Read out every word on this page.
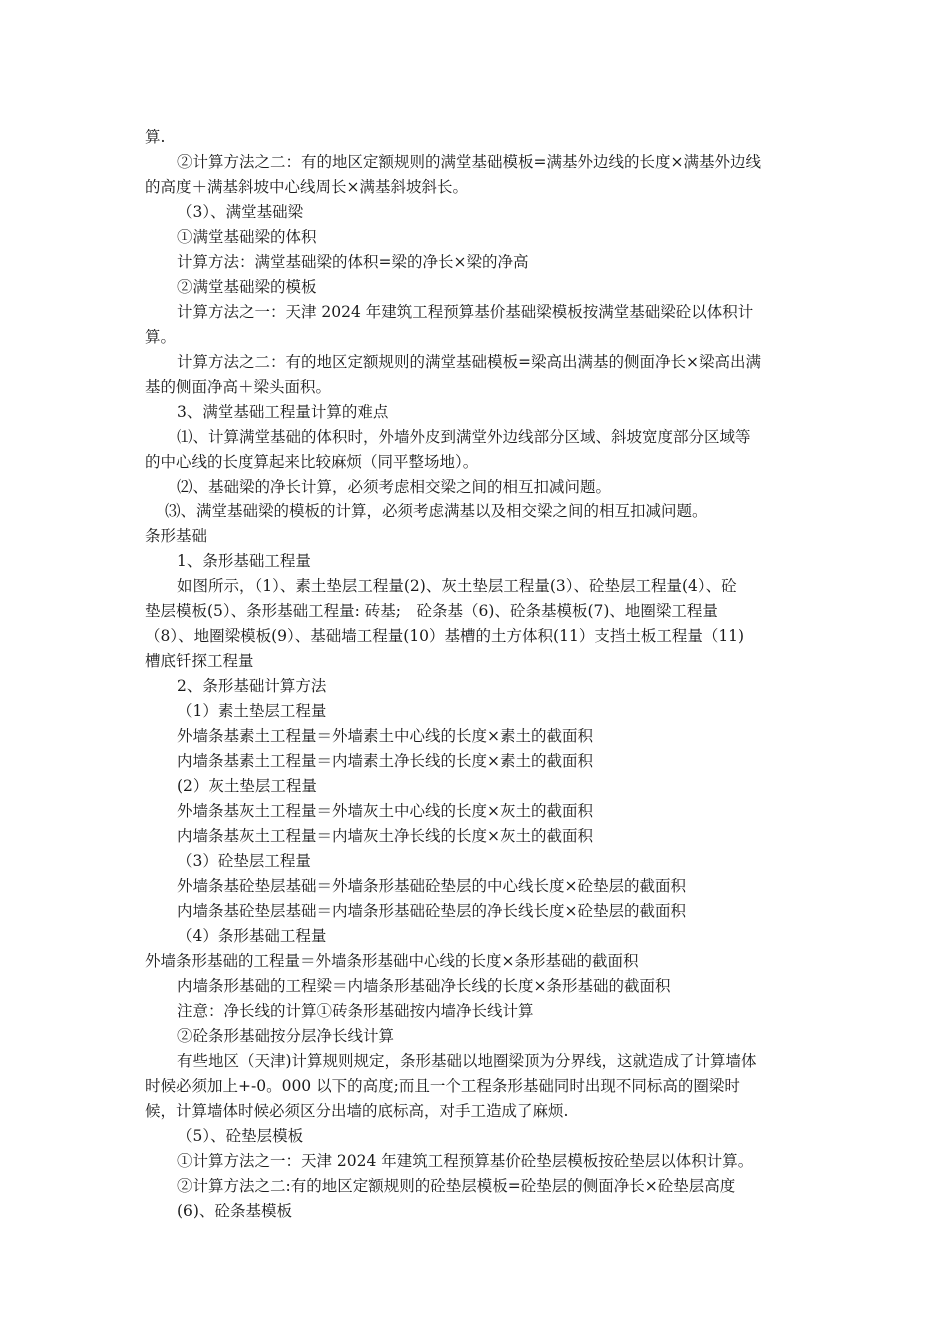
算.
②计算方法之二：有的地区定额规则的满堂基础模板=满基外边线的长度×满基外边线
的高度＋满基斜坡中心线周长×满基斜坡斜长。
（3）、满堂基础梁
①满堂基础梁的体积
计算方法：满堂基础梁的体积=梁的净长×梁的净高
②满堂基础梁的模板
计算方法之一：天津 2024 年建筑工程预算基价基础梁模板按满堂基础梁砼以体积计
算。
计算方法之二：有的地区定额规则的满堂基础模板=梁高出满基的侧面净长×梁高出满
基的侧面净高＋梁头面积。
3、满堂基础工程量计算的难点
⑴、计算满堂基础的体积时，外墙外皮到满堂外边线部分区域、斜坡宽度部分区域等
的中心线的长度算起来比较麻烦（同平整场地）。
⑵、基础梁的净长计算，必须考虑相交梁之间的相互扣减问题。
⑶、满堂基础梁的模板的计算，必须考虑满基以及相交梁之间的相互扣减问题。
条形基础
1、条形基础工程量
如图所示，（1）、素土垫层工程量(2)、灰土垫层工程量(3）、砼垫层工程量(4）、砼
垫层模板(5）、条形基础工程量: 砖基;　砼条基（6)、砼条基模板(7)、地圈梁工程量
（8）、地圈梁模板(9）、基础墙工程量(10）基槽的土方体积(11）支挡土板工程量（11)
槽底钎探工程量
2、条形基础计算方法
（1）素土垫层工程量
外墙条基素土工程量＝外墙素土中心线的长度×素土的截面积
内墙条基素土工程量＝内墙素土净长线的长度×素土的截面积
(2）灰土垫层工程量
外墙条基灰土工程量＝外墙灰土中心线的长度×灰土的截面积
内墙条基灰土工程量＝内墙灰土净长线的长度×灰土的截面积
（3）砼垫层工程量
外墙条基砼垫层基础＝外墙条形基础砼垫层的中心线长度×砼垫层的截面积
内墙条基砼垫层基础＝内墙条形基础砼垫层的净长线长度×砼垫层的截面积
（4）条形基础工程量
外墙条形基础的工程量＝外墙条形基础中心线的长度×条形基础的截面积
内墙条形基础的工程梁＝内墙条形基础净长线的长度×条形基础的截面积
注意：净长线的计算①砖条形基础按内墙净长线计算
②砼条形基础按分层净长线计算
有些地区（天津)计算规则规定，条形基础以地圈梁顶为分界线，这就造成了计算墙体
时候必须加上+-0。000 以下的高度;而且一个工程条形基础同时出现不同标高的圈梁时
候，计算墙体时候必须区分出墙的底标高，对手工造成了麻烦.
（5）、砼垫层模板
①计算方法之一：天津 2024 年建筑工程预算基价砼垫层模板按砼垫层以体积计算。
②计算方法之二:有的地区定额规则的砼垫层模板=砼垫层的侧面净长×砼垫层高度
(6)、砼条基模板
